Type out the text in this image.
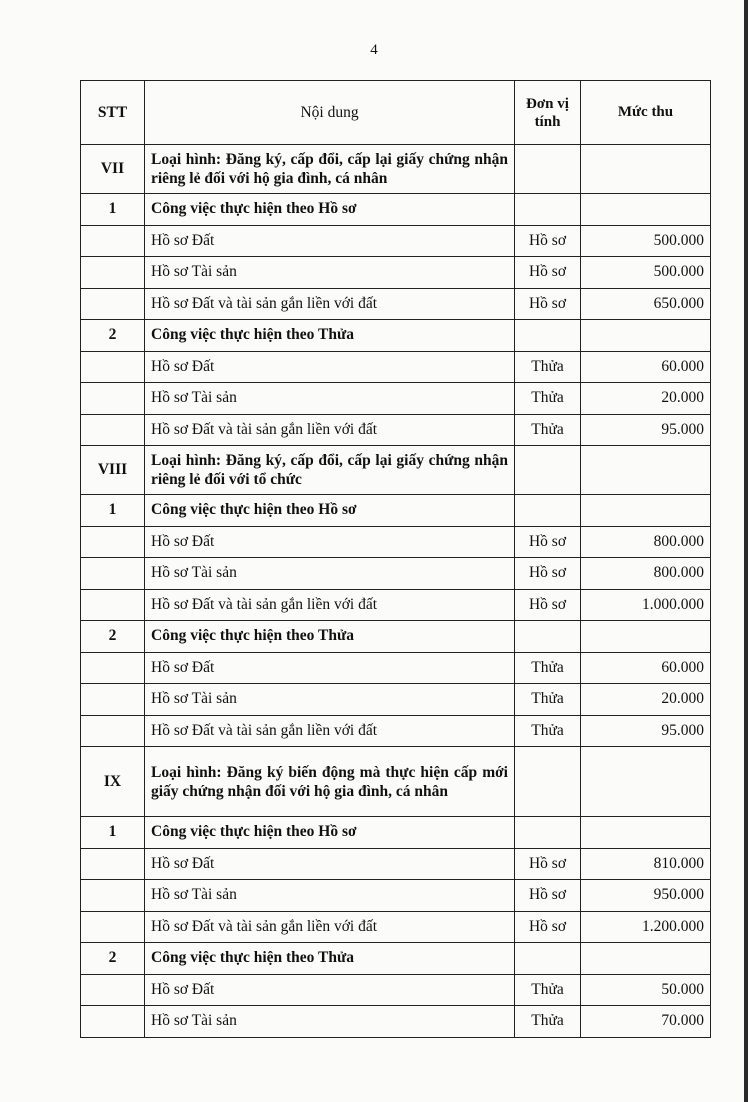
4
STT	Nội dung	Đơn vị tính	Mức thu
VII	Loại hình: Đăng ký, cấp đổi, cấp lại giấy chứng nhận riêng lẻ đối với hộ gia đình, cá nhân		
1	Công việc thực hiện theo Hồ sơ		
	Hồ sơ Đất	Hồ sơ	500.000
	Hồ sơ Tài sản	Hồ sơ	500.000
	Hồ sơ Đất và tài sản gắn liền với đất	Hồ sơ	650.000
2	Công việc thực hiện theo Thửa		
	Hồ sơ Đất	Thửa	60.000
	Hồ sơ Tài sản	Thửa	20.000
	Hồ sơ Đất và tài sản gắn liền với đất	Thửa	95.000
VIII	Loại hình: Đăng ký, cấp đổi, cấp lại giấy chứng nhận riêng lẻ đối với tổ chức		
1	Công việc thực hiện theo Hồ sơ		
	Hồ sơ Đất	Hồ sơ	800.000
	Hồ sơ Tài sản	Hồ sơ	800.000
	Hồ sơ Đất và tài sản gắn liền với đất	Hồ sơ	1.000.000
2	Công việc thực hiện theo Thửa		
	Hồ sơ Đất	Thửa	60.000
	Hồ sơ Tài sản	Thửa	20.000
	Hồ sơ Đất và tài sản gắn liền với đất	Thửa	95.000
IX	Loại hình: Đăng ký biến động mà thực hiện cấp mới giấy chứng nhận đối với hộ gia đình, cá nhân		
1	Công việc thực hiện theo Hồ sơ		
	Hồ sơ Đất	Hồ sơ	810.000
	Hồ sơ Tài sản	Hồ sơ	950.000
	Hồ sơ Đất và tài sản gắn liền với đất	Hồ sơ	1.200.000
2	Công việc thực hiện theo Thửa		
	Hồ sơ Đất	Thửa	50.000
	Hồ sơ Tài sản	Thửa	70.000
